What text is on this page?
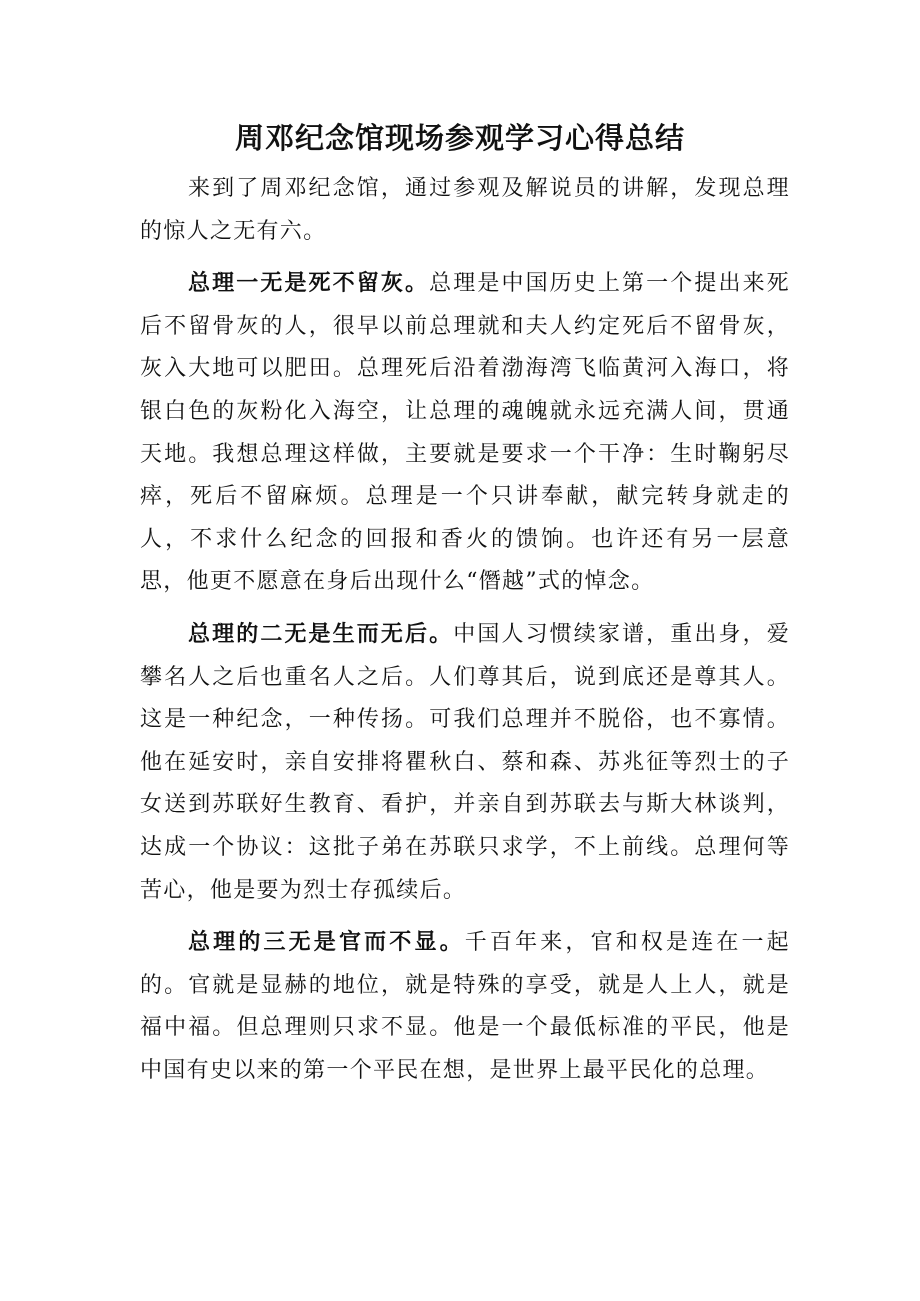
周邓纪念馆现场参观学习心得总结

来到了周邓纪念馆，通过参观及解说员的讲解，发现总理的惊人之无有六。

总理一无是死不留灰。总理是中国历史上第一个提出来死后不留骨灰的人，很早以前总理就和夫人约定死后不留骨灰，灰入大地可以肥田。总理死后沿着渤海湾飞临黄河入海口，将银白色的灰粉化入海空，让总理的魂魄就永远充满人间，贯通天地。我想总理这样做，主要就是要求一个干净：生时鞠躬尽瘁，死后不留麻烦。总理是一个只讲奉献，献完转身就走的人，不求什么纪念的回报和香火的馈饷。也许还有另一层意思，他更不愿意在身后出现什么“僭越”式的悼念。

总理的二无是生而无后。中国人习惯续家谱，重出身，爱攀名人之后也重名人之后。人们尊其后，说到底还是尊其人。这是一种纪念，一种传扬。可我们总理并不脱俗，也不寡情。他在延安时，亲自安排将瞿秋白、蔡和森、苏兆征等烈士的子女送到苏联好生教育、看护，并亲自到苏联去与斯大林谈判，达成一个协议：这批子弟在苏联只求学，不上前线。总理何等苦心，他是要为烈士存孤续后。

总理的三无是官而不显。千百年来，官和权是连在一起的。官就是显赫的地位，就是特殊的享受，就是人上人，就是福中福。但总理则只求不显。他是一个最低标准的平民，他是中国有史以来的第一个平民在想，是世界上最平民化的总理。
